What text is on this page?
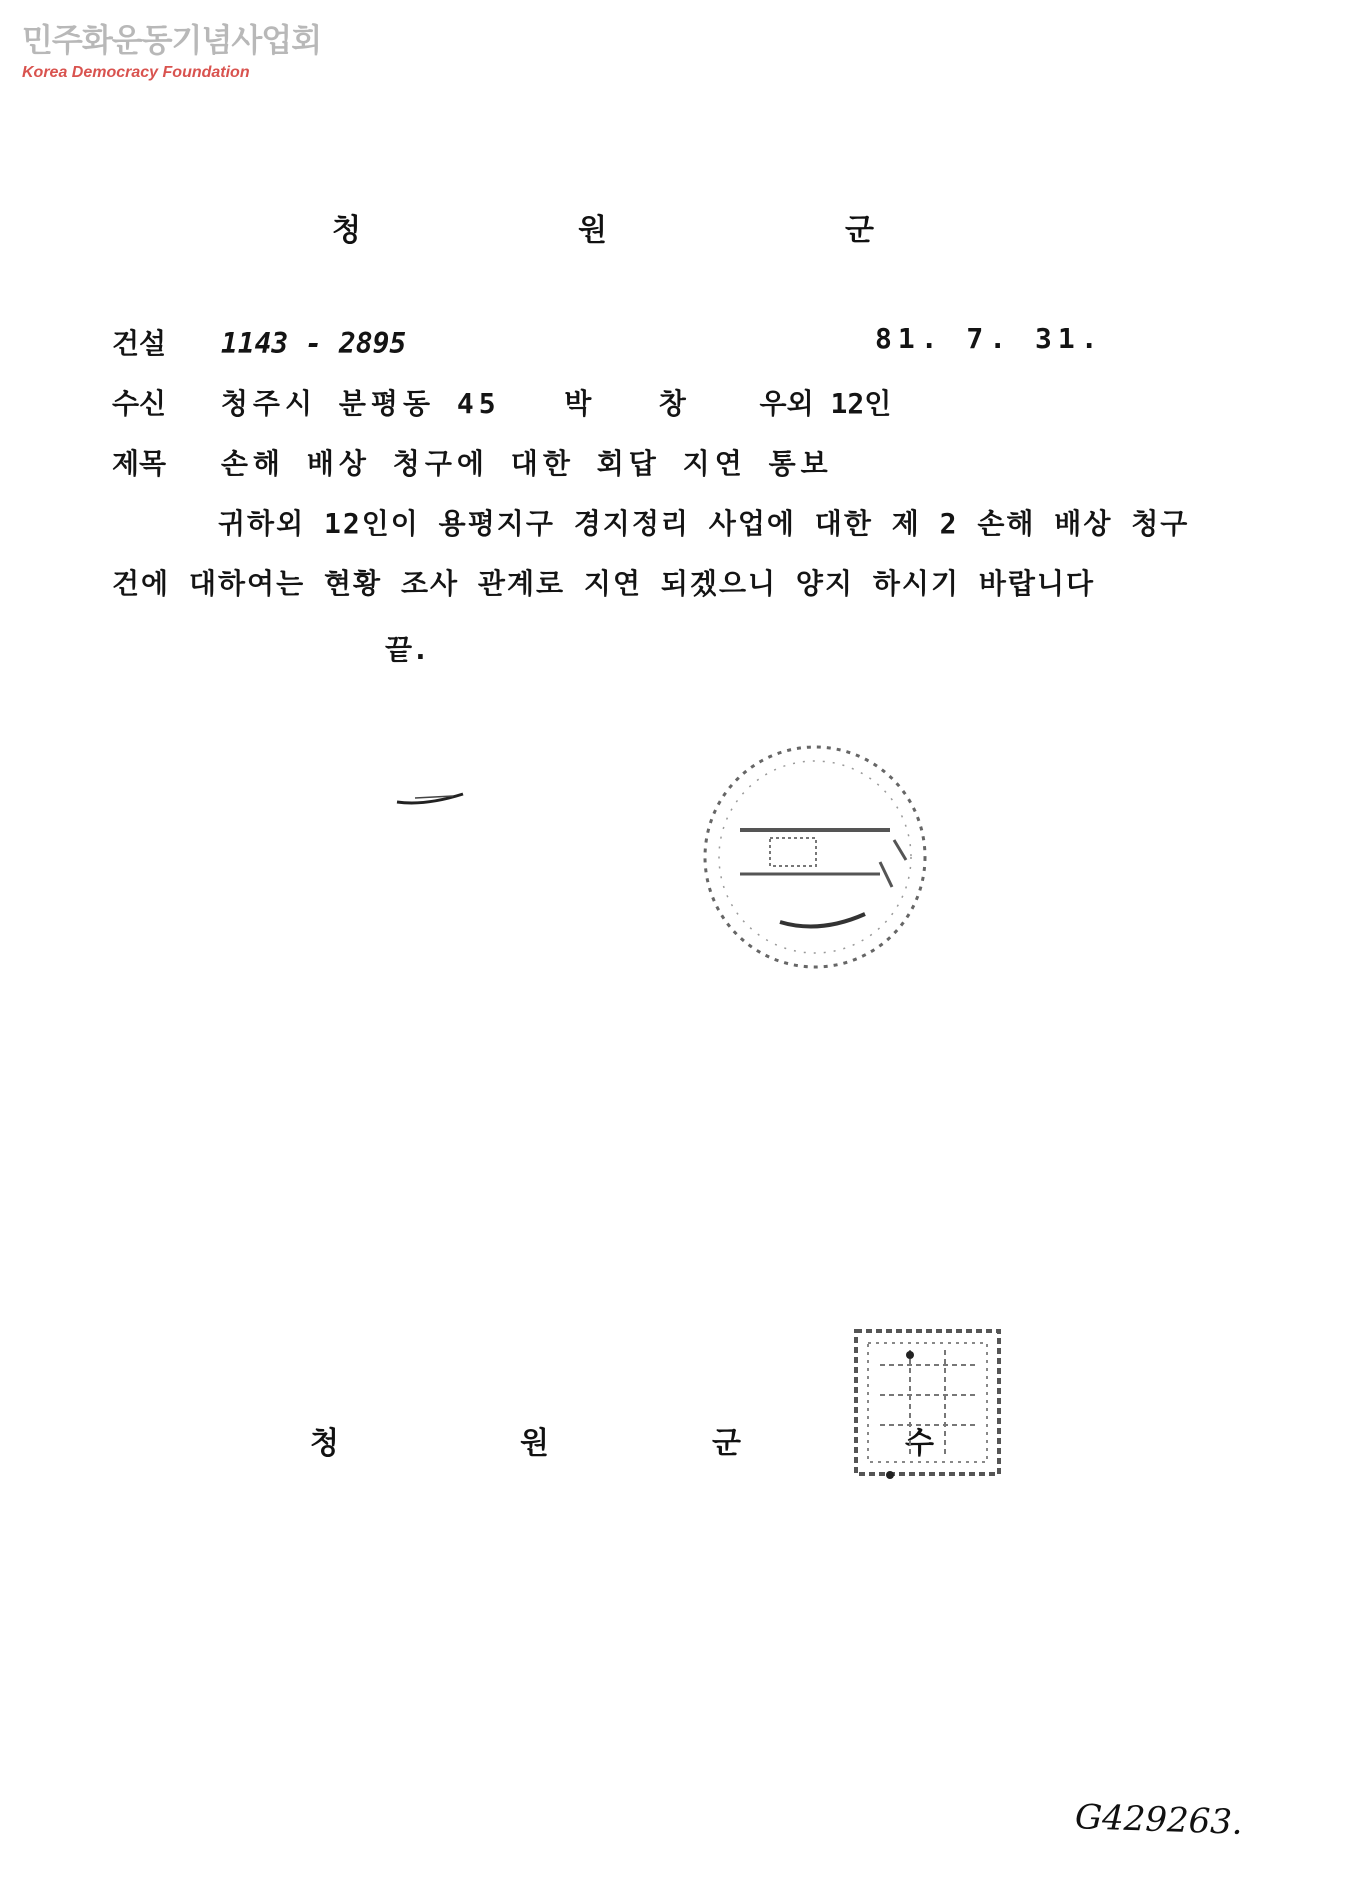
민주화운동기념사업회
Korea Democracy Foundation
청	원	군
건설 1143 - 2895	81. 7. 31.
수신 청주시 분평동 45 박    창	우외 12인
제목 손해 배상 청구에 대한 회답 지연 통보
귀하외 12인이 용평지구 경지정리 사업에 대한 제 2 손해 배상 청구
건에 대하여는 현황 조사 관계로 지연 되겠으니 양지 하시기 바랍니다
끝.
청	원	군	수
G429263.
